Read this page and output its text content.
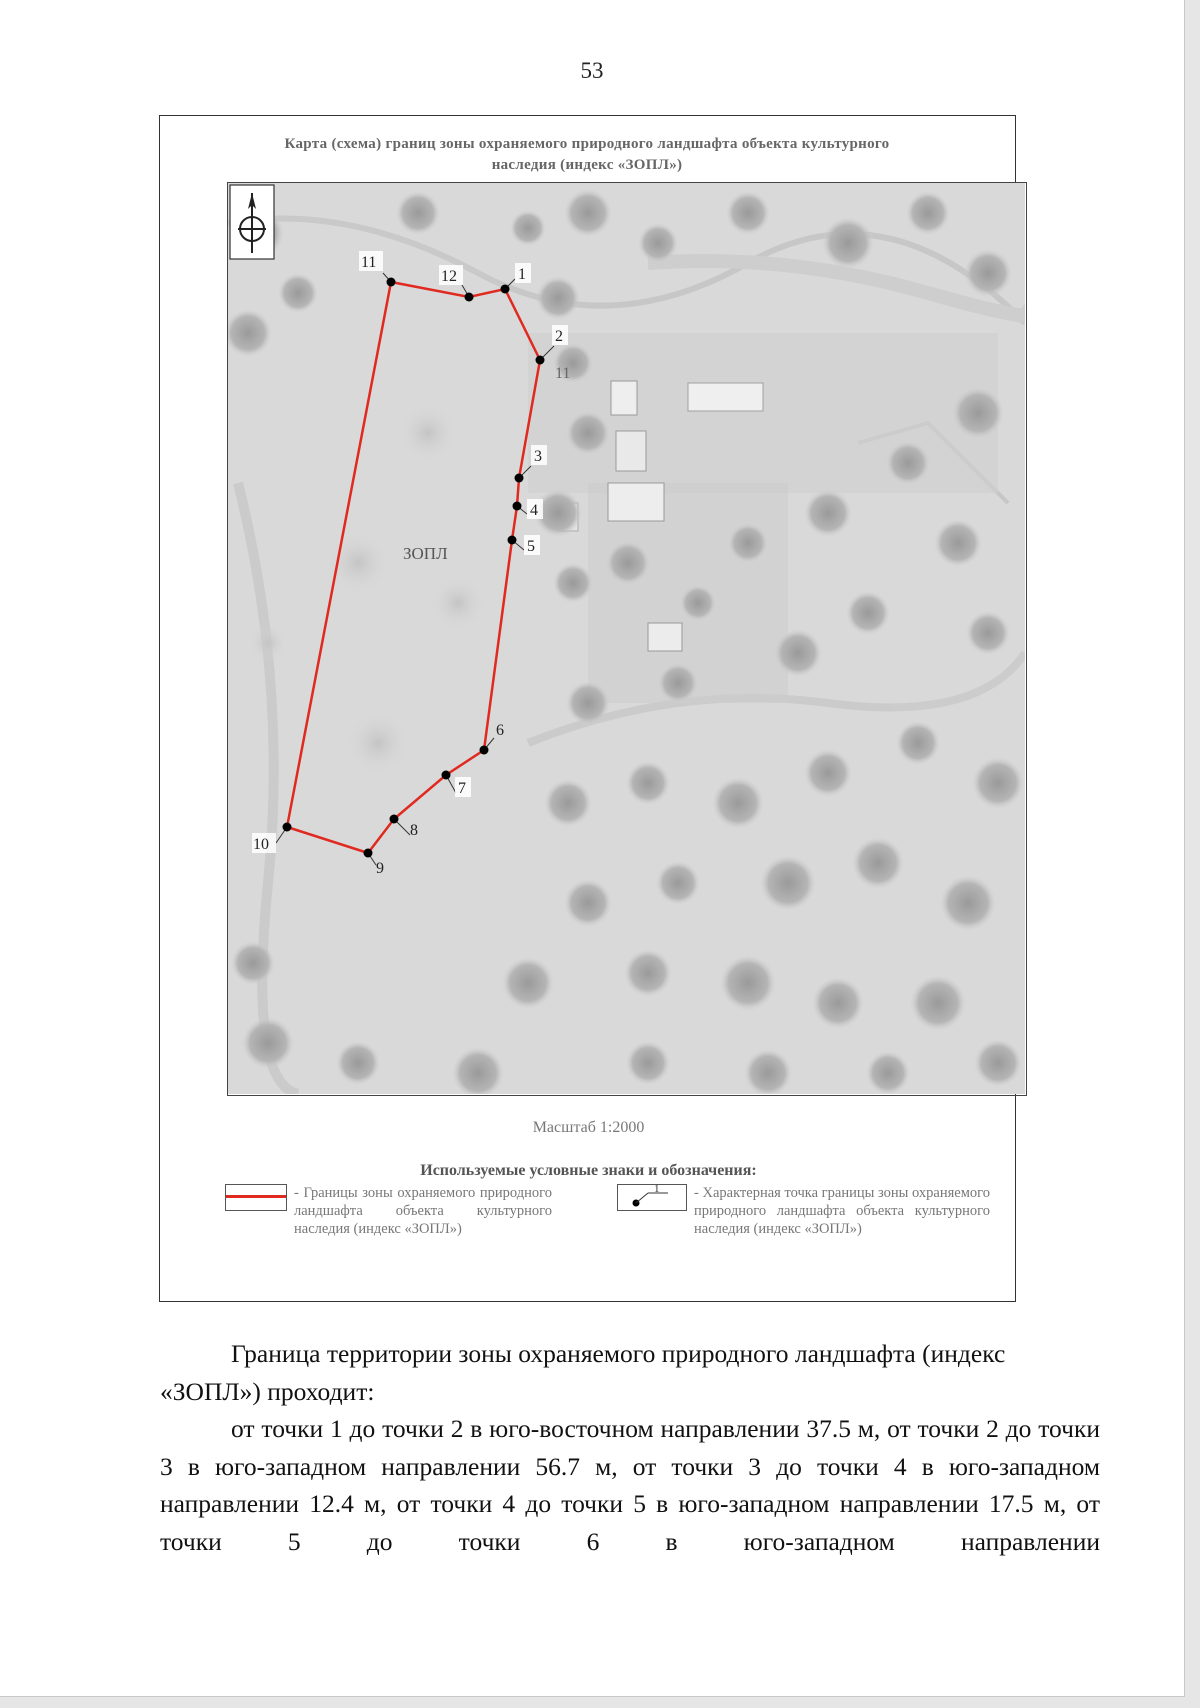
53
Карта (схема) границ зоны охраняемого природного ландшафта объекта культурного
наследия (индекс «ЗОПЛ»)
1
2
3
4
5
6
7
8
9
10
11
12
ЗОПЛ
11
Масштаб 1:2000
Используемые условные знаки и обозначения:
- Границы зоны охраняемого природного ландшафта объекта культурного наследия (индекс «ЗОПЛ»)
1 - Характерная точка границы зоны охраняемого природного ландшафта объекта культурного наследия (индекс «ЗОПЛ»)

Граница территории зоны охраняемого природного ландшафта (индекс «ЗОПЛ») проходит:

от точки 1 до точки 2 в юго-восточном направлении 37.5 м, от точки 2 до точки 3 в юго-западном направлении 56.7 м, от точки 3 до точки 4 в юго-западном направлении 12.4 м, от точки 4 до точки 5 в юго-западном направлении 17.5 м, от точки 5 до точки 6 в юго-западном направлении
